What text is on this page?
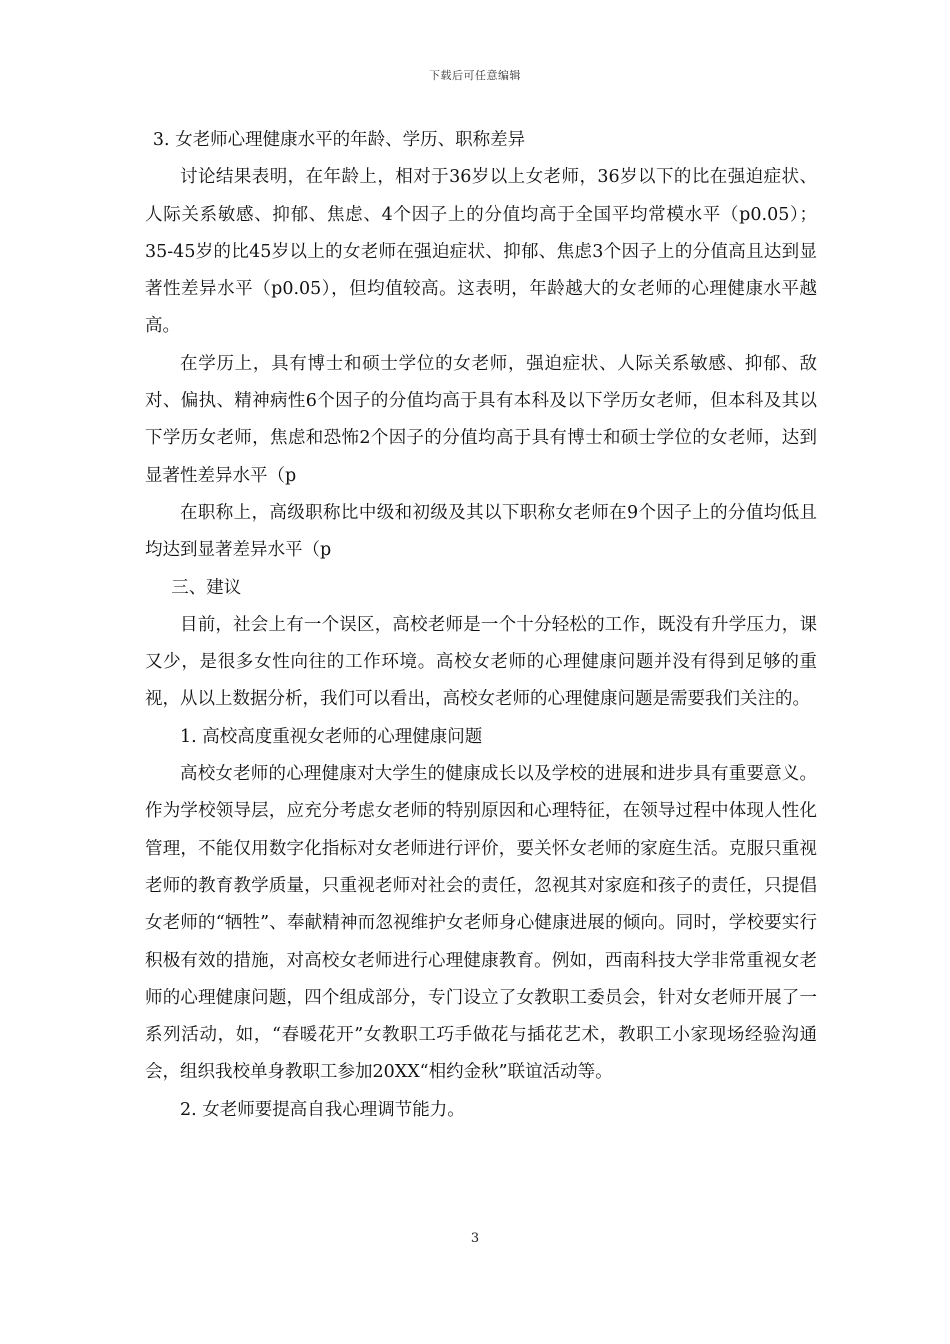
下载后可任意编辑

3. 女老师心理健康水平的年龄、学历、职称差异

讨论结果表明，在年龄上，相对于36岁以上女老师，36岁以下的比在强迫症状、人际关系敏感、抑郁、焦虑、4个因子上的分值均高于全国平均常模水平（p0.05）；35-45岁的比45岁以上的女老师在强迫症状、抑郁、焦虑3个因子上的分值高且达到显著性差异水平（p0.05），但均值较高。这表明，年龄越大的女老师的心理健康水平越高。

在学历上，具有博士和硕士学位的女老师，强迫症状、人际关系敏感、抑郁、敌对、偏执、精神病性6个因子的分值均高于具有本科及以下学历女老师，但本科及其以下学历女老师，焦虑和恐怖2个因子的分值均高于具有博士和硕士学位的女老师，达到显著性差异水平（p

在职称上，高级职称比中级和初级及其以下职称女老师在9个因子上的分值均低且均达到显著差异水平（p

三、建议

目前，社会上有一个误区，高校老师是一个十分轻松的工作，既没有升学压力，课又少，是很多女性向往的工作环境。高校女老师的心理健康问题并没有得到足够的重视，从以上数据分析，我们可以看出，高校女老师的心理健康问题是需要我们关注的。

1. 高校高度重视女老师的心理健康问题

高校女老师的心理健康对大学生的健康成长以及学校的进展和进步具有重要意义。作为学校领导层，应充分考虑女老师的特别原因和心理特征，在领导过程中体现人性化管理，不能仅用数字化指标对女老师进行评价，要关怀女老师的家庭生活。克服只重视老师的教育教学质量，只重视老师对社会的责任，忽视其对家庭和孩子的责任，只提倡女老师的“牺牲”、奉献精神而忽视维护女老师身心健康进展的倾向。同时，学校要实行积极有效的措施，对高校女老师进行心理健康教育。例如，西南科技大学非常重视女老师的心理健康问题，四个组成部分，专门设立了女教职工委员会，针对女老师开展了一系列活动，如，“春暖花开”女教职工巧手做花与插花艺术，教职工小家现场经验沟通会，组织我校单身教职工参加20XX“相约金秋”联谊活动等。

2. 女老师要提高自我心理调节能力。

3
